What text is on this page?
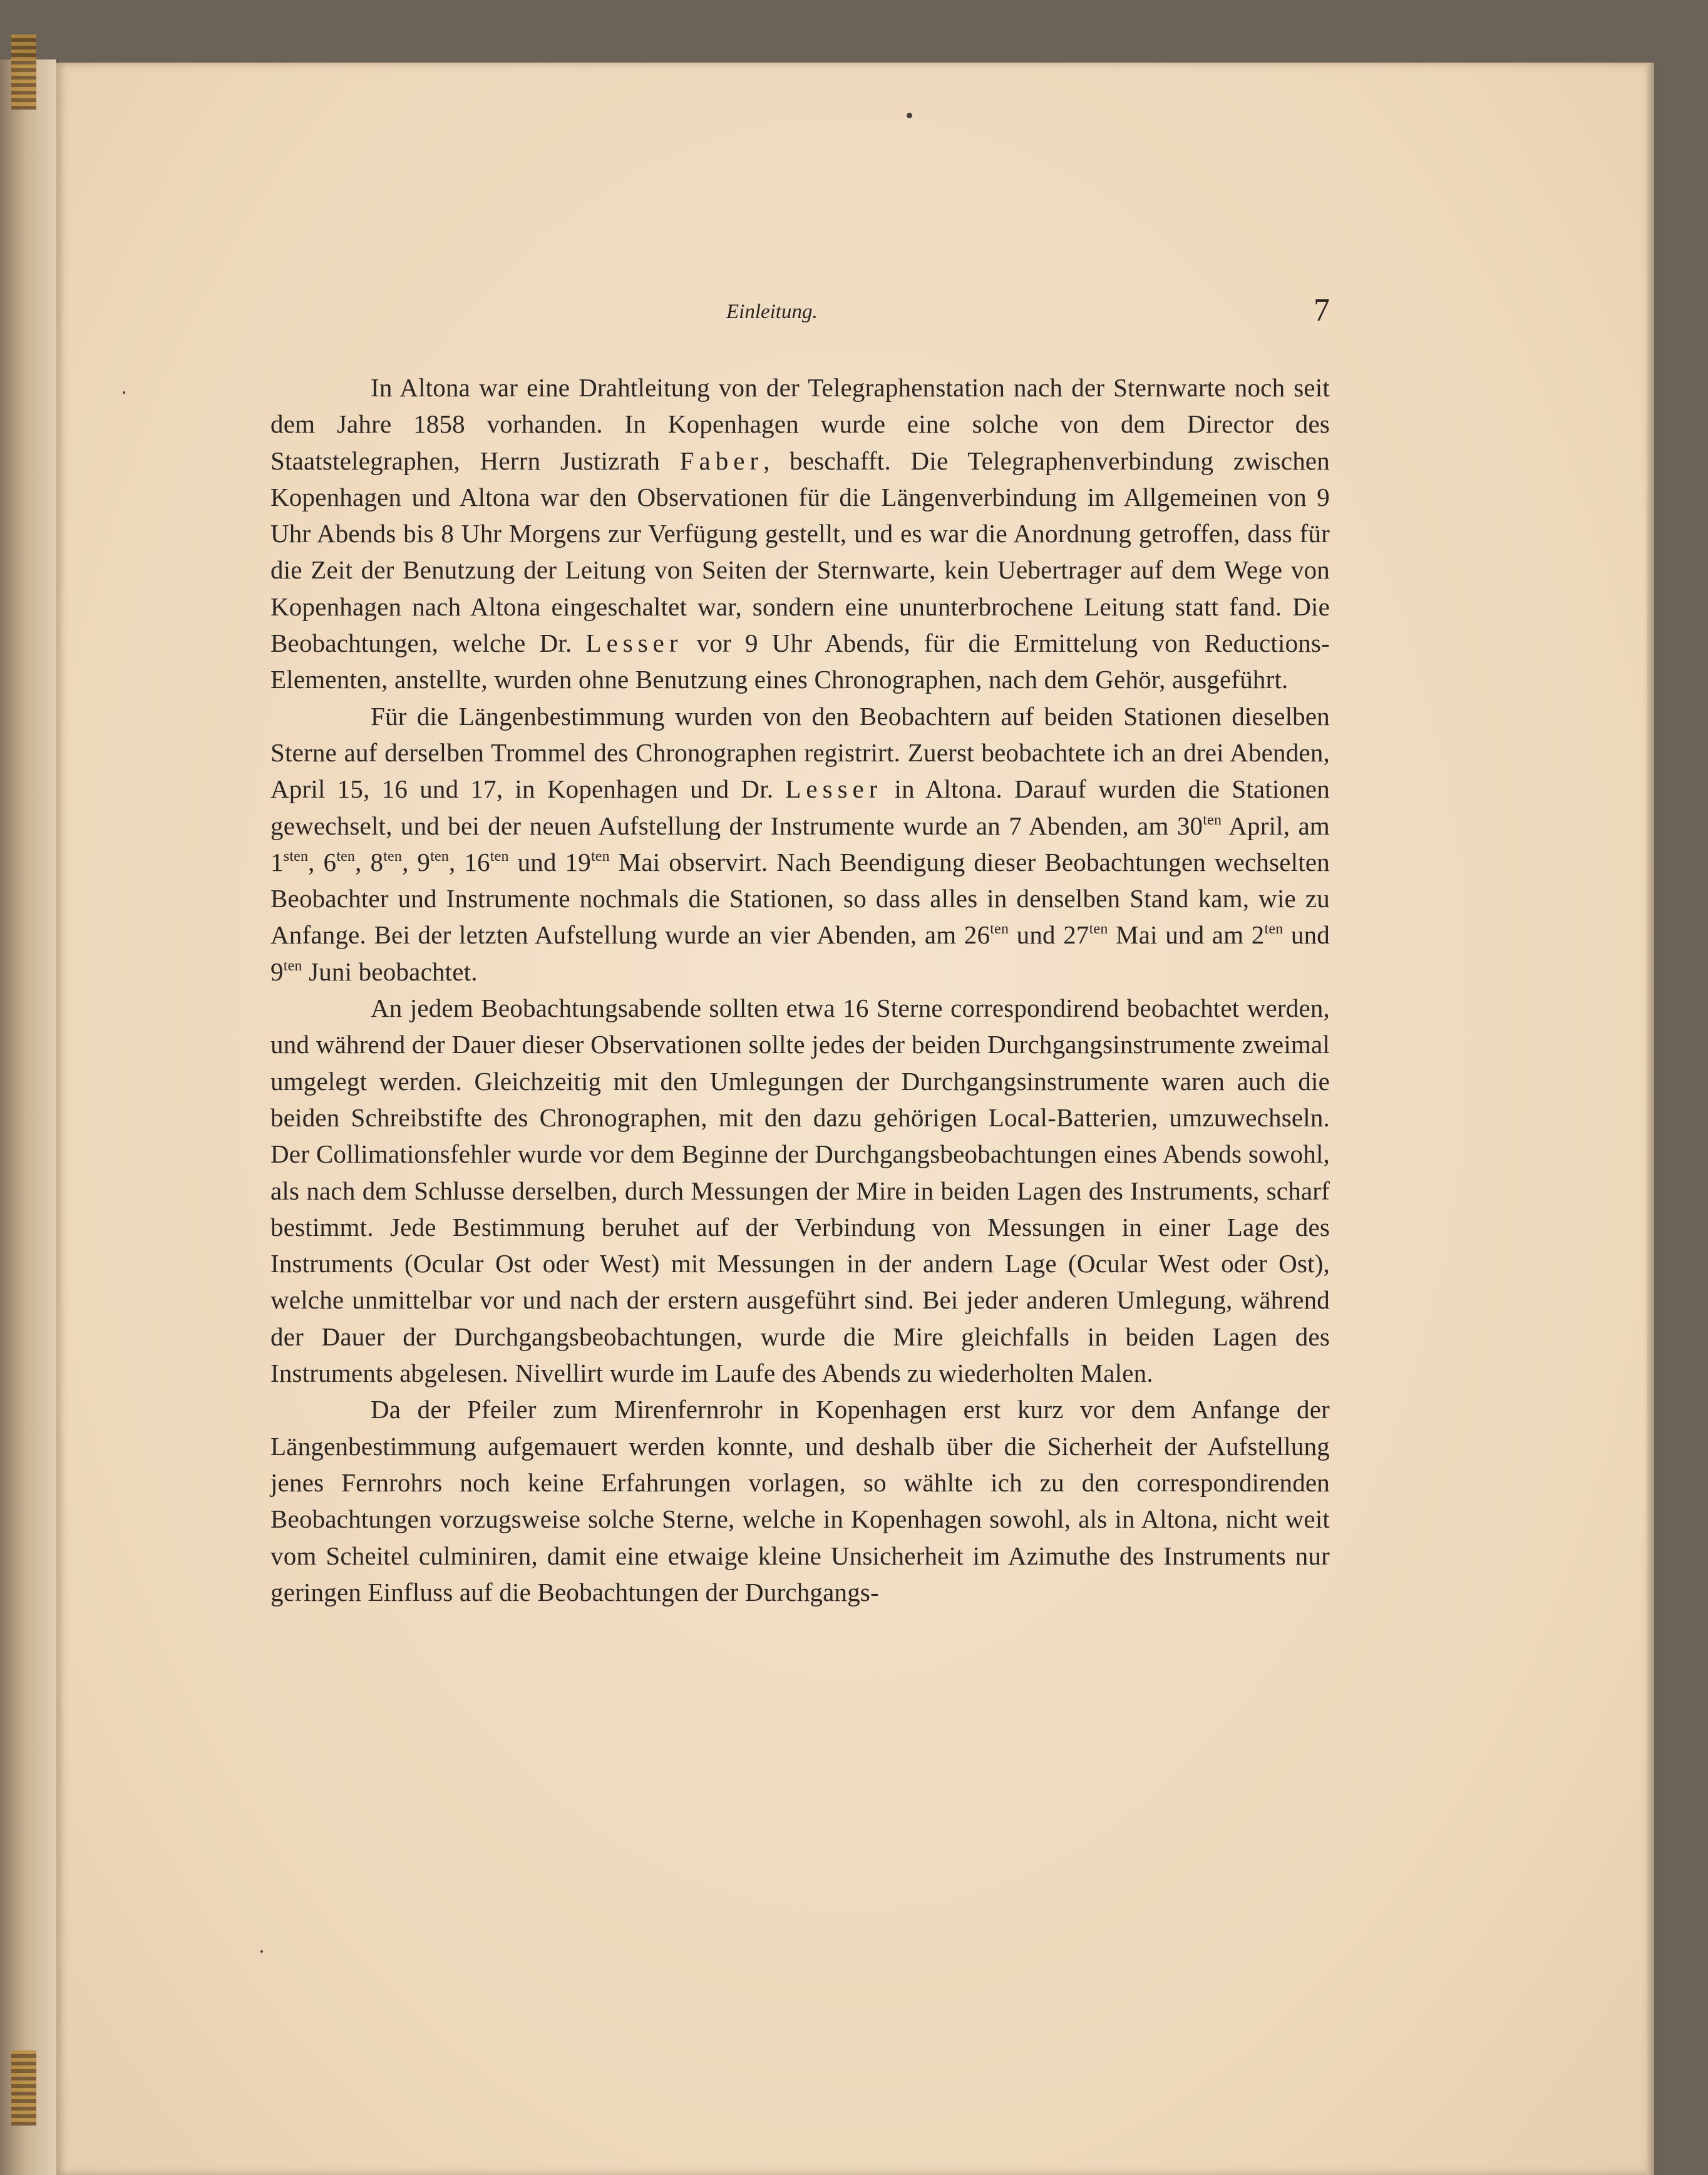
Einleitung.	7

In Altona war eine Drahtleitung von der Telegraphenstation nach der Sternwarte noch seit dem Jahre 1858 vorhanden. In Kopenhagen wurde eine solche von dem Director des Staatstelegraphen, Herrn Justizrath Faber, beschafft. Die Telegraphenverbindung zwischen Kopenhagen und Altona war den Observationen für die Längenverbindung im Allgemeinen von 9 Uhr Abends bis 8 Uhr Morgens zur Verfügung gestellt, und es war die Anordnung getroffen, dass für die Zeit der Benutzung der Leitung von Seiten der Sternwarte, kein Uebertrager auf dem Wege von Kopenhagen nach Altona eingeschaltet war, sondern eine ununterbrochene Leitung statt fand. Die Beobachtungen, welche Dr. Lesser vor 9 Uhr Abends, für die Ermittelung von Reductions-Elementen, anstellte, wurden ohne Benutzung eines Chronographen, nach dem Gehör, ausgeführt.

Für die Längenbestimmung wurden von den Beobachtern auf beiden Stationen dieselben Sterne auf derselben Trommel des Chronographen registrirt. Zuerst beobachtete ich an drei Abenden, April 15, 16 und 17, in Kopenhagen und Dr. Lesser in Altona. Darauf wurden die Stationen gewechselt, und bei der neuen Aufstellung der Instrumente wurde an 7 Abenden, am $30^{ten}$ April, am $1^{sten}$, $6^{ten}$, $8^{ten}$, $9^{ten}$, $16^{ten}$ und $19^{ten}$ Mai observirt. Nach Beendigung dieser Beobachtungen wechselten Beobachter und Instrumente nochmals die Stationen, so dass alles in denselben Stand kam, wie zu Anfange. Bei der letzten Aufstellung wurde an vier Abenden, am $26^{ten}$ und $27^{ten}$ Mai und am $2^{ten}$ und $9^{ten}$ Juni beobachtet.

An jedem Beobachtungsabende sollten etwa 16 Sterne correspondirend beobachtet werden, und während der Dauer dieser Observationen sollte jedes der beiden Durchgangsinstrumente zweimal umgelegt werden. Gleichzeitig mit den Umlegungen der Durchgangsinstrumente waren auch die beiden Schreibstifte des Chronographen, mit den dazu gehörigen Local-Batterien, umzuwechseln. Der Collimationsfehler wurde vor dem Beginne der Durchgangsbeobachtungen eines Abends sowohl, als nach dem Schlusse derselben, durch Messungen der Mire in beiden Lagen des Instruments, scharf bestimmt. Jede Bestimmung beruhet auf der Verbindung von Messungen in einer Lage des Instruments (Ocular Ost oder West) mit Messungen in der andern Lage (Ocular West oder Ost), welche unmittelbar vor und nach der erstern ausgeführt sind. Bei jeder anderen Umlegung, während der Dauer der Durchgangsbeobachtungen, wurde die Mire gleichfalls in beiden Lagen des Instruments abgelesen. Nivellirt wurde im Laufe des Abends zu wiederholten Malen.

Da der Pfeiler zum Mirenfernrohr in Kopenhagen erst kurz vor dem Anfange der Längenbestimmung aufgemauert werden konnte, und deshalb über die Sicherheit der Aufstellung jenes Fernrohrs noch keine Erfahrungen vorlagen, so wählte ich zu den correspondirenden Beobachtungen vorzugsweise solche Sterne, welche in Kopenhagen sowohl, als in Altona, nicht weit vom Scheitel culminiren, damit eine etwaige kleine Unsicherheit im Azimuthe des Instruments nur geringen Einfluss auf die Beobachtungen der Durchgangs-
